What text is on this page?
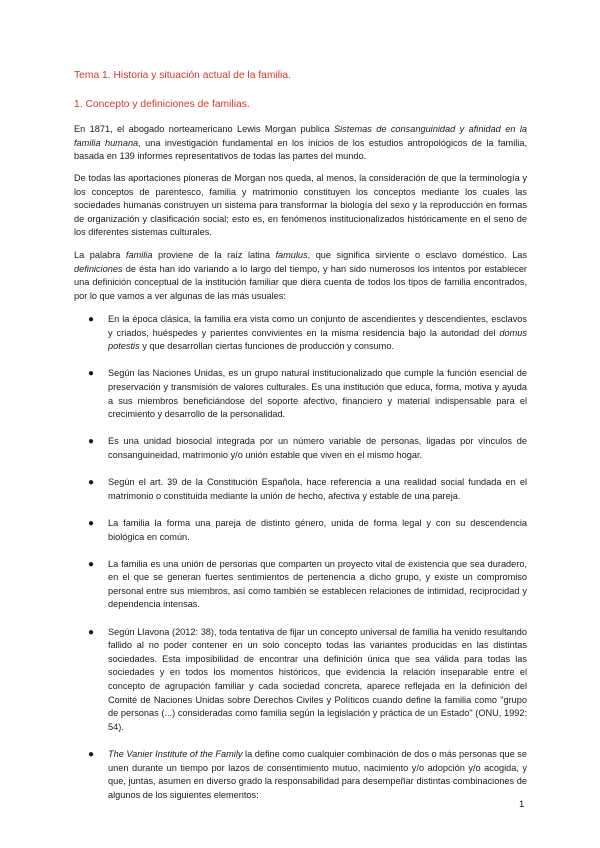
Tema 1. Historia y situación actual de la familia.
1. Concepto y definiciones de familias.

En 1871, el abogado norteamericano Lewis Morgan publica Sistemas de consanguinidad y afinidad en la familia humana, una investigación fundamental en los inicios de los estudios antropológicos de la familia, basada en 139 informes representativos de todas las partes del mundo.

De todas las aportaciones pioneras de Morgan nos queda, al menos, la consideración de que la terminología y los conceptos de parentesco, familia y matrimonio constituyen los conceptos mediante los cuales las sociedades humanas construyen un sistema para transformar la biología del sexo y la reproducción en formas de organización y clasificación social; esto es, en fenómenos institucionalizados históricamente en el seno de los diferentes sistemas culturales.

La palabra familia proviene de la raíz latina famulus, que significa sirviente o esclavo doméstico. Las definiciones de ésta han ido variando a lo largo del tiempo, y han sido numerosos los intentos por establecer una definición conceptual de la institución familiar que diera cuenta de todos los tipos de familia encontrados, por lo que vamos a ver algunas de las más usuales:

● En la época clásica, la familia era vista como un conjunto de ascendientes y descendientes, esclavos y criados, huéspedes y parientes convivientes en la misma residencia bajo la autoridad del domus potestis y que desarrollan ciertas funciones de producción y consumo.
● Según las Naciones Unidas, es un grupo natural institucionalizado que cumple la función esencial de preservación y transmisión de valores culturales. Es una institución que educa, forma, motiva y ayuda a sus miembros beneficiándose del soporte afectivo, financiero y material indispensable para el crecimiento y desarrollo de la personalidad.
● Es una unidad biosocial integrada por un número variable de personas, ligadas por vínculos de consanguineidad, matrimonio y/o unión estable que viven en el mismo hogar.
● Según el art. 39 de la Constitución Española, hace referencia a una realidad social fundada en el matrimonio o constituida mediante la unión de hecho, afectiva y estable de una pareja.
● La familia la forma una pareja de distinto género, unida de forma legal y con su descendencia biológica en común.
● La familia es una unión de personas que comparten un proyecto vital de existencia que sea duradero, en el que se generan fuertes sentimientos de pertenencia a dicho grupo, y existe un compromiso personal entre sus miembros, así como también se establecen relaciones de intimidad, reciprocidad y dependencia intensas.
● Según Llavona (2012: 38), toda tentativa de fijar un concepto universal de familia ha venido resultando fallido al no poder contener en un solo concepto todas las variantes producidas en las distintas sociedades. Esta imposibilidad de encontrar una definición única que sea válida para todas las sociedades y en todos los momentos históricos, que evidencia la relación inseparable entre el concepto de agrupación familiar y cada sociedad concreta, aparece reflejada en la definición del Comité de Naciones Unidas sobre Derechos Civiles y Políticos cuando define la familia como "grupo de personas (...) consideradas como familia según la legislación y práctica de un Estado" (ONU, 1992: 54).
● The Vanier Institute of the Family la define como cualquier combinación de dos o más personas que se unen durante un tiempo por lazos de consentimiento mutuo, nacimiento y/o adopción y/o acogida, y que, juntas, asumen en diverso grado la responsabilidad para desempeñar distintas combinaciones de algunos de los siguientes elementos:
1
